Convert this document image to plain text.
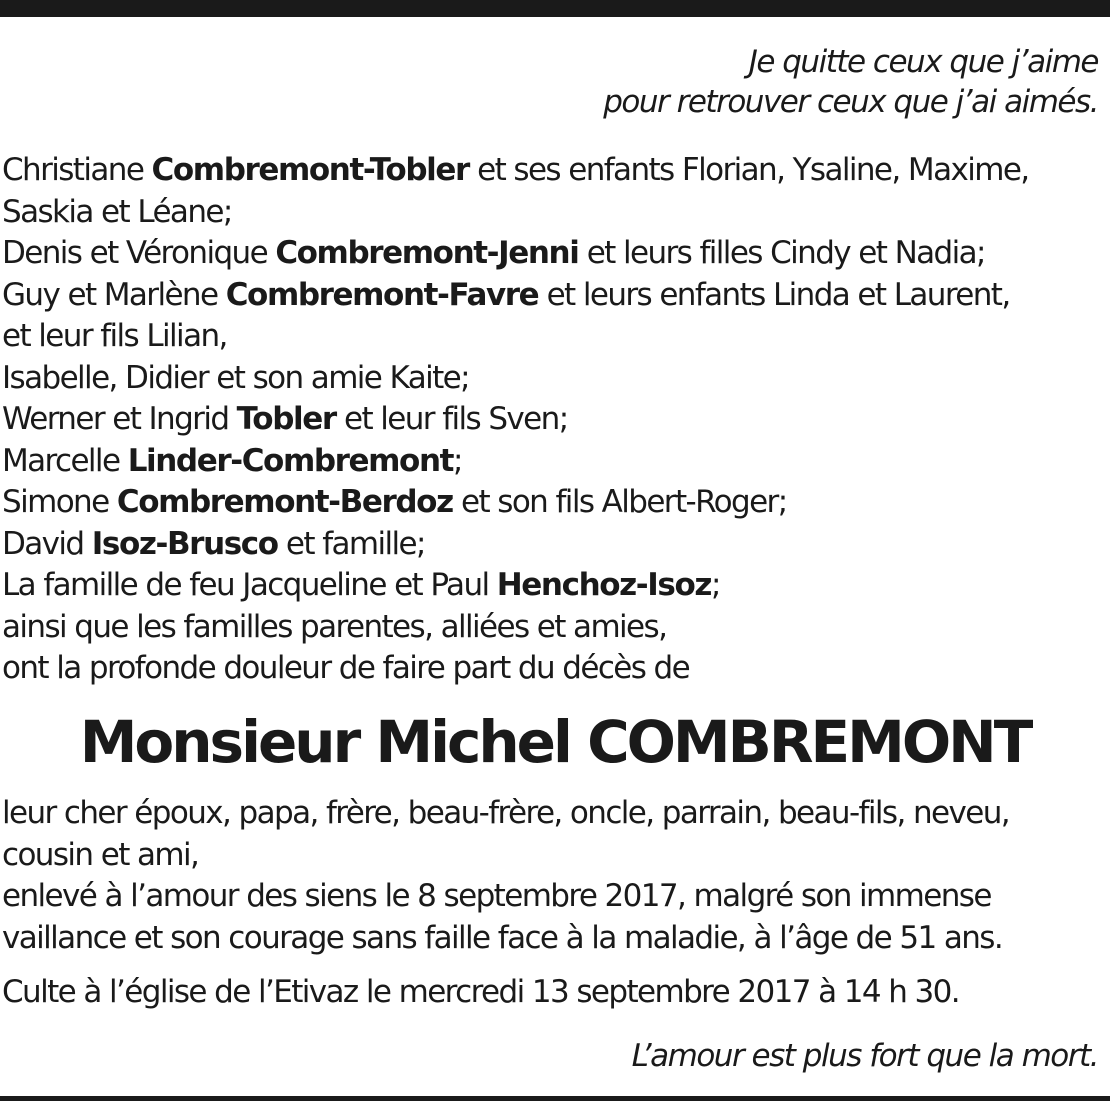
Je quitte ceux que j’aime
pour retrouver ceux que j’ai aimés.
Christiane Combremont-Tobler et ses enfants Florian, Ysaline, Maxime,
Saskia et Léane;
Denis et Véronique Combremont-Jenni et leurs filles Cindy et Nadia;
Guy et Marlène Combremont-Favre et leurs enfants Linda et Laurent,
et leur fils Lilian,
Isabelle, Didier et son amie Kaite;
Werner et Ingrid Tobler et leur fils Sven;
Marcelle Linder-Combremont;
Simone Combremont-Berdoz et son fils Albert-Roger;
David Isoz-Brusco et famille;
La famille de feu Jacqueline et Paul Henchoz-Isoz;
ainsi que les familles parentes, alliées et amies,
ont la profonde douleur de faire part du décès de
Monsieur Michel COMBREMONT
leur cher époux, papa, frère, beau-frère, oncle, parrain, beau-fils, neveu,
cousin et ami,
enlevé à l’amour des siens le 8 septembre 2017, malgré son immense
vaillance et son courage sans faille face à la maladie, à l’âge de 51 ans.
Culte à l’église de l’Etivaz le mercredi 13 septembre 2017 à 14 h 30.
L’amour est plus fort que la mort.
